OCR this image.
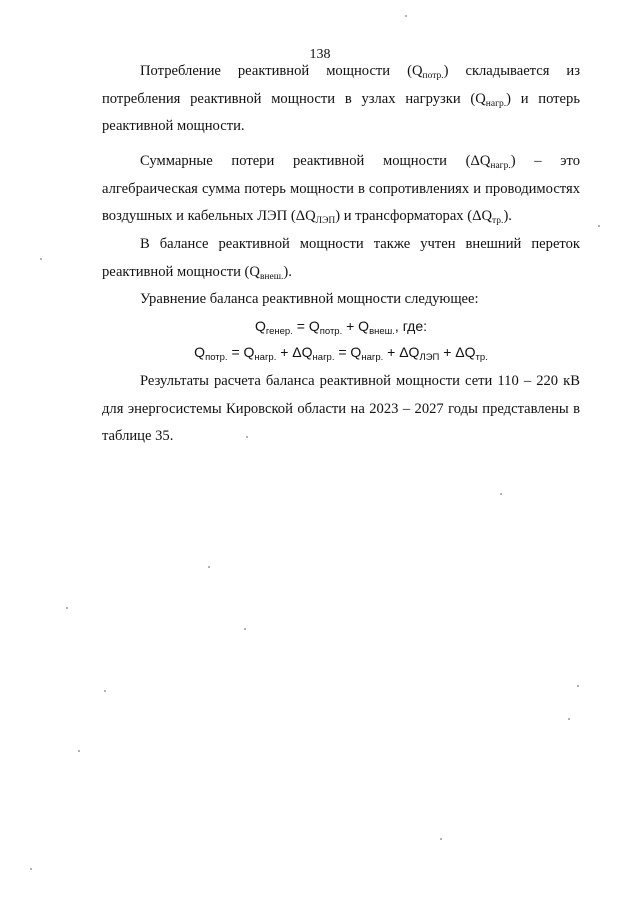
138

Потребление реактивной мощности $(Q_{потр.})$ складывается из потребления реактивной мощности в узлах нагрузки $(Q_{нагр.})$ и потерь реактивной мощности.

Суммарные потери реактивной мощности $(\Delta Q_{нагр.})$ – это алгебраическая сумма потерь мощности в сопротивлениях и проводимостях воздушных и кабельных ЛЭП $(\Delta Q_{ЛЭП})$ и трансформаторах $(\Delta Q_{тр.})$.

В балансе реактивной мощности также учтен внешний переток реактивной мощности $(Q_{внеш.})$.

Уравнение баланса реактивной мощности следующее:

$Q_{генер.} = Q_{потр.} + Q_{внеш.}$, где:
$Q_{потр.} = Q_{нагр.} + \Delta Q_{нагр.} = Q_{нагр.} + \Delta Q_{ЛЭП} + \Delta Q_{тр.}$

Результаты расчета баланса реактивной мощности сети 110 – 220 кВ для энергосистемы Кировской области на 2023 – 2027 годы представлены в таблице 35.
